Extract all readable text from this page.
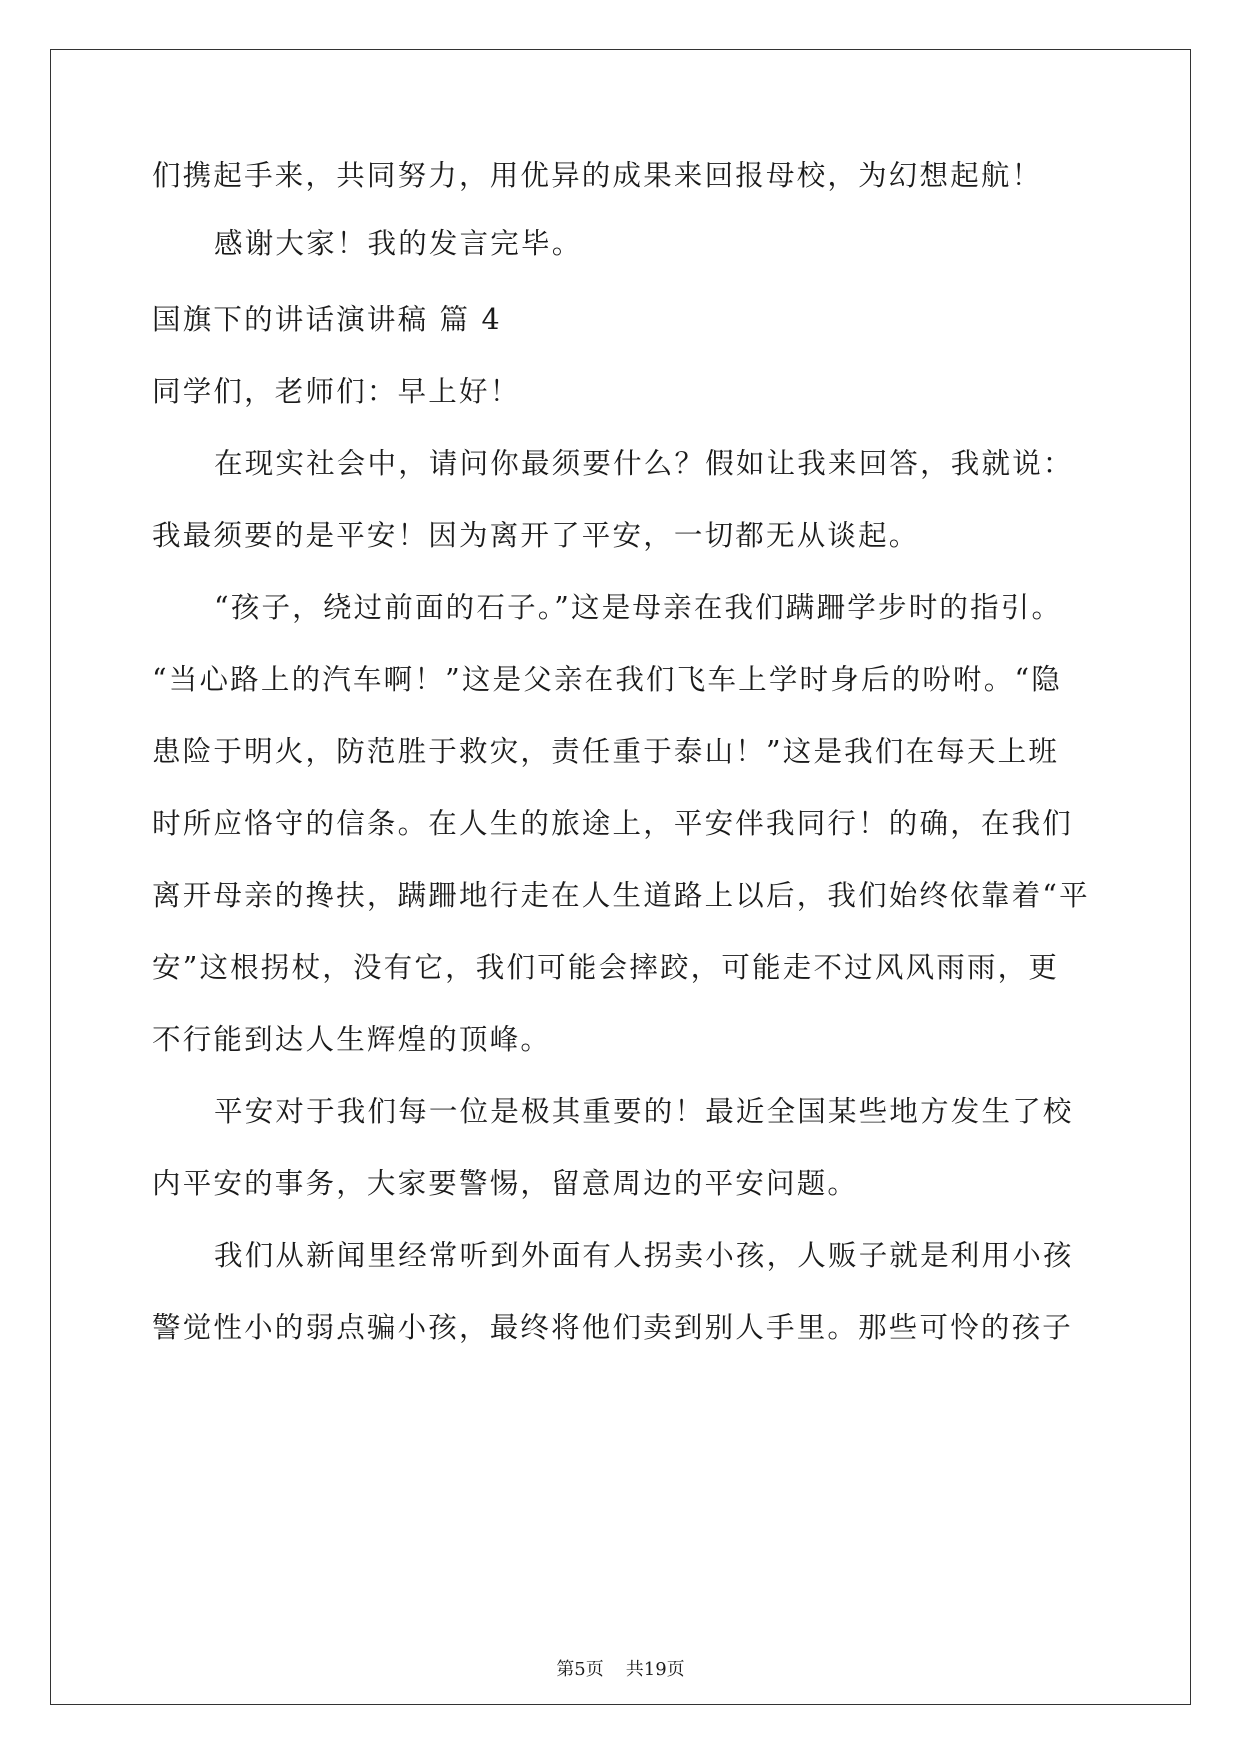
们携起手来，共同努力，用优异的成果来回报母校，为幻想起航！
感谢大家！我的发言完毕。
国旗下的讲话演讲稿 篇 4
同学们，老师们：早上好！
在现实社会中，请问你最须要什么？假如让我来回答，我就说：
我最须要的是平安！因为离开了平安，一切都无从谈起。
“孩子，绕过前面的石子。”这是母亲在我们蹒跚学步时的指引。
“当心路上的汽车啊！”这是父亲在我们飞车上学时身后的吩咐。“隐
患险于明火，防范胜于救灾，责任重于泰山！”这是我们在每天上班
时所应恪守的信条。在人生的旅途上，平安伴我同行！的确，在我们
离开母亲的搀扶，蹒跚地行走在人生道路上以后，我们始终依靠着“平
安”这根拐杖，没有它，我们可能会摔跤，可能走不过风风雨雨，更
不行能到达人生辉煌的顶峰。
平安对于我们每一位是极其重要的！最近全国某些地方发生了校
内平安的事务，大家要警惕，留意周边的平安问题。
我们从新闻里经常听到外面有人拐卖小孩，人贩子就是利用小孩
警觉性小的弱点骗小孩，最终将他们卖到别人手里。那些可怜的孩子
第5页 共19页
